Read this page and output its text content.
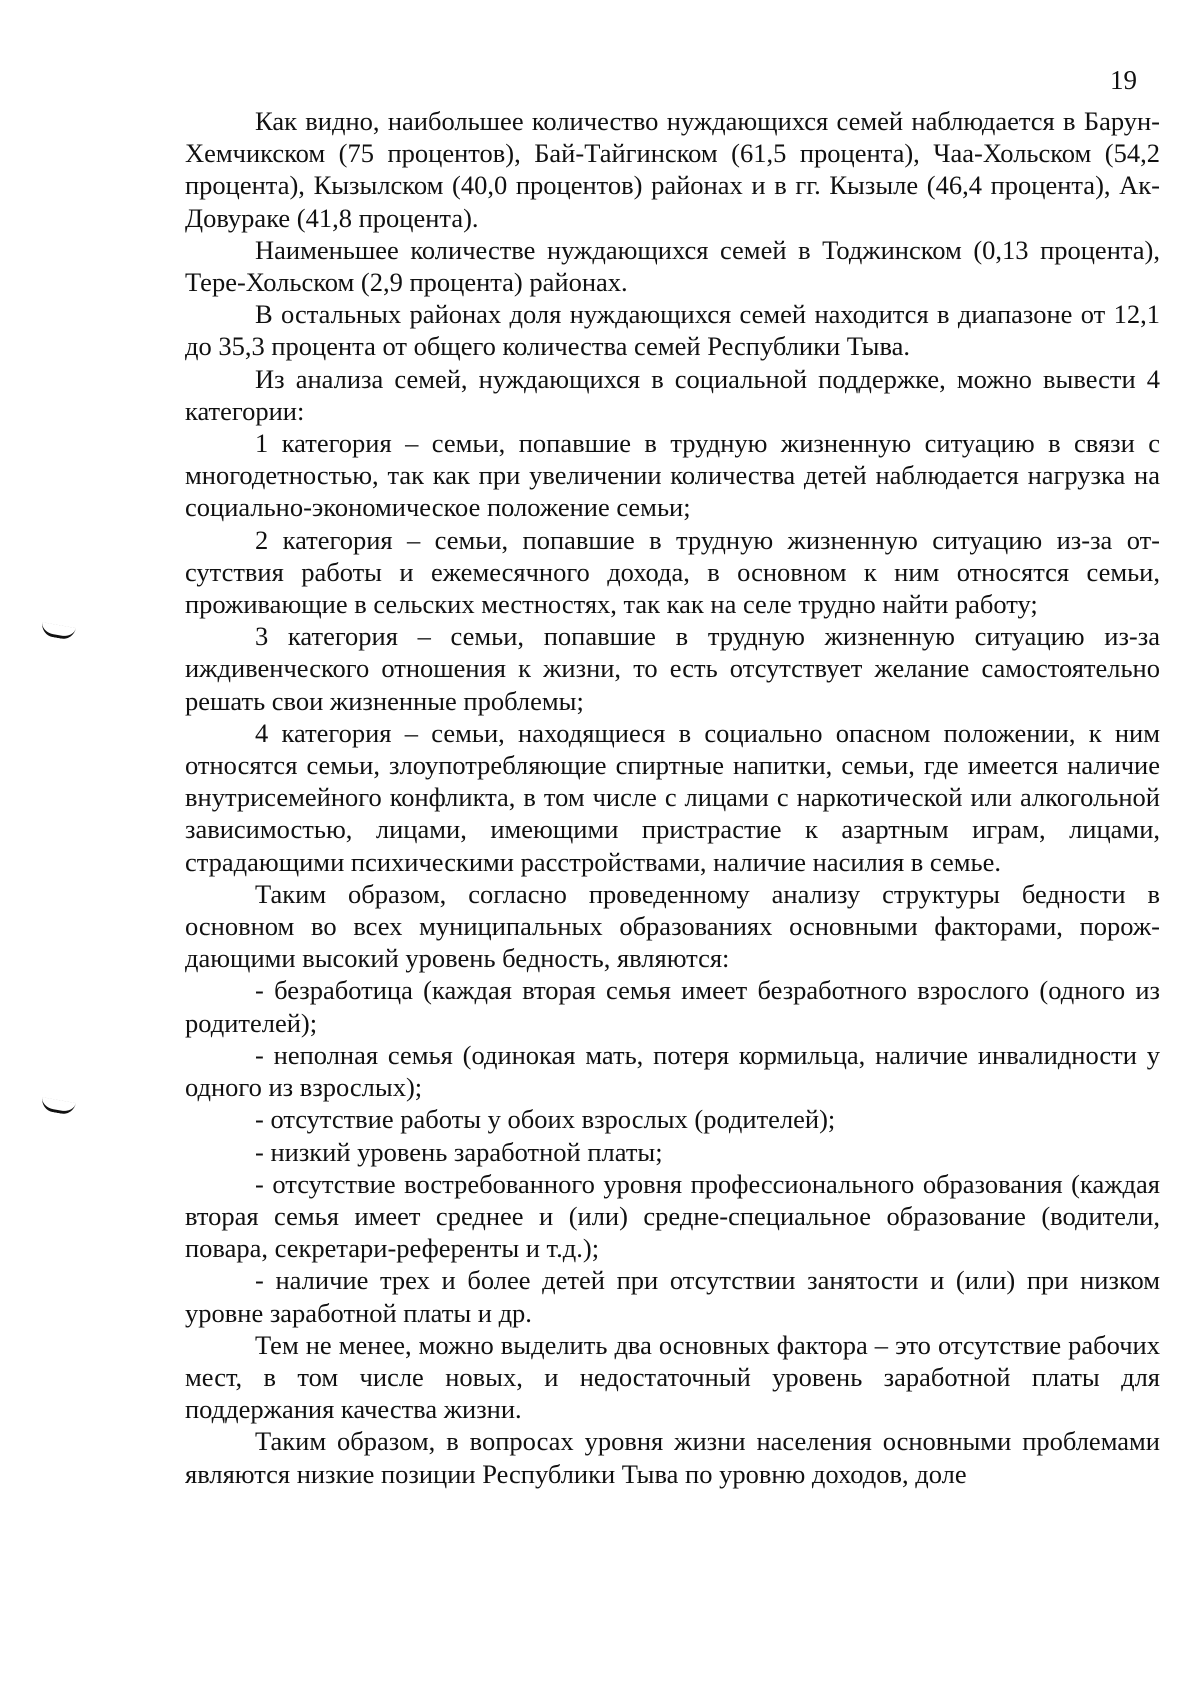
19

Как видно, наибольшее количество нуждающихся семей наблюдается в Барун-Хемчикском (75 процентов), Бай-Тайгинском (61,5 процента), Чаа-Хольском (54,2 процента), Кызылском (40,0 процентов) районах и в гг. Кызыле (46,4 процента), Ак-Довураке (41,8 процента).

Наименьшее количестве нуждающихся семей в Тоджинском (0,13 процента), Тере-Хольском (2,9 процента) районах.

В остальных районах доля нуждающихся семей находится в диапазоне от 12,1 до 35,3 процента от общего количества семей Республики Тыва.

Из анализа семей, нуждающихся в социальной поддержке, можно вывести 4 категории:

1 категория – семьи, попавшие в трудную жизненную ситуацию в связи с многодетностью, так как при увеличении количества детей наблюдается нагрузка на социально-экономическое положение семьи;

2 категория – семьи, попавшие в трудную жизненную ситуацию из-за отсутствия работы и ежемесячного дохода, в основном к ним относятся семьи, проживающие в сельских местностях, так как на селе трудно найти работу;

3 категория – семьи, попавшие в трудную жизненную ситуацию из-за иждивенческого отношения к жизни, то есть отсутствует желание самостоятельно решать свои жизненные проблемы;

4 категория – семьи, находящиеся в социально опасном положении, к ним относятся семьи, злоупотребляющие спиртные напитки, семьи, где имеется наличие внутрисемейного конфликта, в том числе с лицами с наркотической или алкогольной зависимостью, лицами, имеющими пристрастие к азартным играм, лицами, страдающими психическими расстройствами, наличие насилия в семье.

Таким образом, согласно проведенному анализу структуры бедности в основном во всех муниципальных образованиях основными факторами, порождающими высокий уровень бедность, являются:

- безработица (каждая вторая семья имеет безработного взрослого (одного из родителей);

- неполная семья (одинокая мать, потеря кормильца, наличие инвалидности у одного из взрослых);

- отсутствие работы у обоих взрослых (родителей);

- низкий уровень заработной платы;

- отсутствие востребованного уровня профессионального образования (каждая вторая семья имеет среднее и (или) средне-специальное образование (водители, повара, секретари-референты и т.д.);

- наличие трех и более детей при отсутствии занятости и (или) при низком уровне заработной платы и др.

Тем не менее, можно выделить два основных фактора – это отсутствие рабочих мест, в том числе новых, и недостаточный уровень заработной платы для поддержания качества жизни.

Таким образом, в вопросах уровня жизни населения основными проблемами являются низкие позиции Республики Тыва по уровню доходов, доле
